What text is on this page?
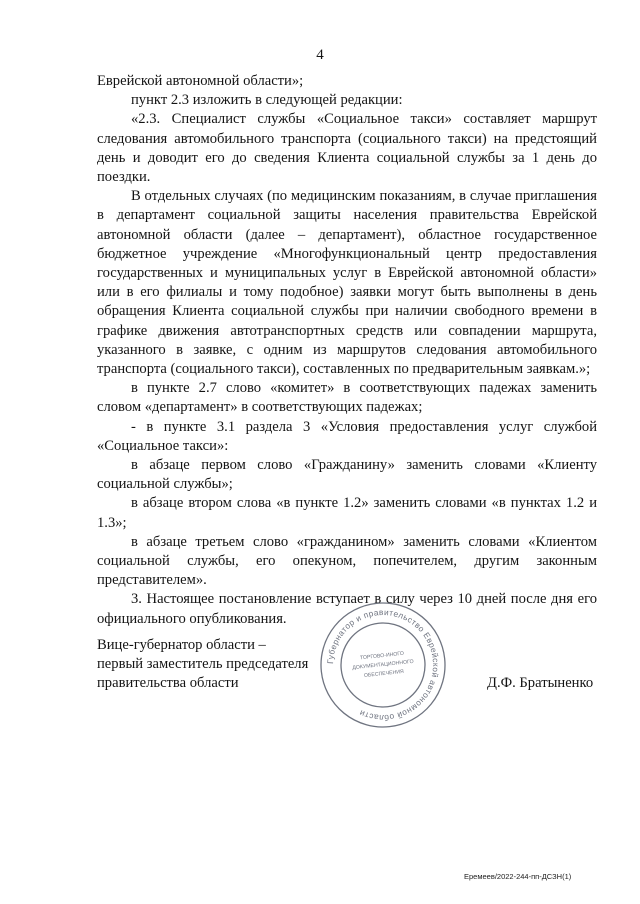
4

Еврейской автономной области»;

пункт 2.3 изложить в следующей редакции:

«2.3. Специалист службы «Социальное такси» составляет маршрут следования автомобильного транспорта (социального такси) на предстоящий день и доводит его до сведения Клиента социальной службы за 1 день до поездки.

В отдельных случаях (по медицинским показаниям, в случае приглашения в департамент социальной защиты населения правительства Еврейской автономной области (далее – департамент), областное государственное бюджетное учреждение «Многофункциональный центр предоставления государственных и муниципальных услуг в Еврейской автономной области» или в его филиалы и тому подобное) заявки могут быть выполнены в день обращения Клиента социальной службы при наличии свободного времени в графике движения автотранспортных средств или совпадении маршрута, указанного в заявке, с одним из маршрутов следования автомобильного транспорта (социального такси), составленных по предварительным заявкам.»;

в пункте 2.7 слово «комитет» в соответствующих падежах заменить словом «департамент» в соответствующих падежах;

- в пункте 3.1 раздела 3 «Условия предоставления услуг службой «Социальное такси»:

в абзаце первом слово «Гражданину» заменить словами «Клиенту социальной службы»;

в абзаце втором слова «в пункте 1.2» заменить словами «в пунктах 1.2 и 1.3»;

в абзаце третьем слово «гражданином» заменить словами «Клиентом социальной службы, его опекуном, попечителем, другим законным представителем».

3. Настоящее постановление вступает в силу через 10 дней после дня его официального опубликования.

Вице-губернатор области –
первый заместитель председателя
правительства области	Д.Ф. Братыненко
Губернатор и правительство Еврейской автономной области
ТОРГОВО-ИНОГО
ДОКУМЕНТАЦИОННОГО
ОБЕСПЕЧЕНИЯ
Еремеев/2022-244-пп-ДСЗН(1)
